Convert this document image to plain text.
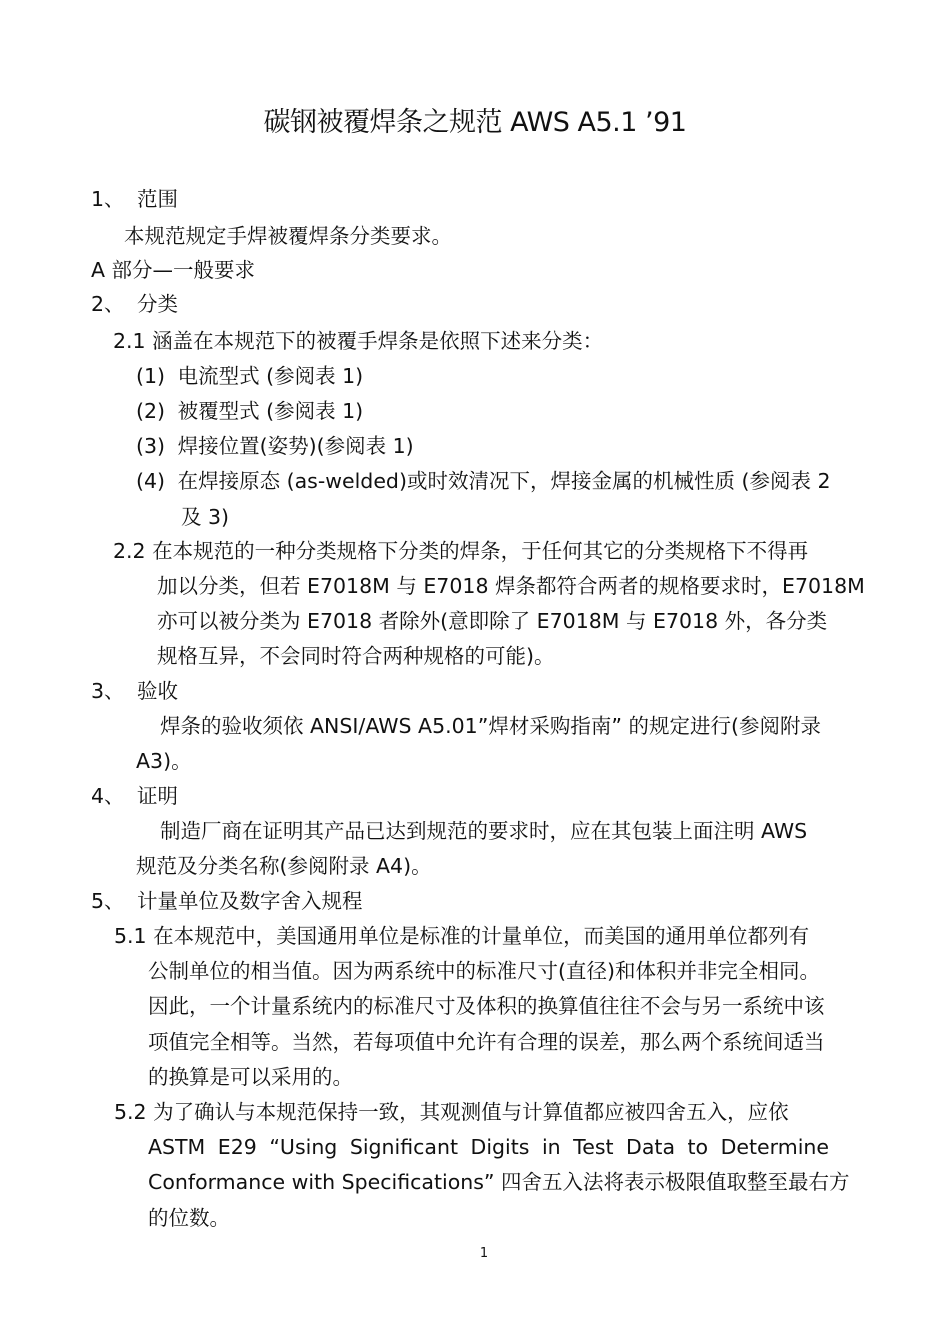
碳钢被覆焊条之规范 AWS A5.1 ’91
1、 范围
本规范规定手焊被覆焊条分类要求。
A 部分—一般要求
2、 分类
2.1 涵盖在本规范下的被覆手焊条是依照下述来分类：
(1) 电流型式 (参阅表 1)
(2) 被覆型式 (参阅表 1)
(3) 焊接位置(姿势)(参阅表 1)
(4) 在焊接原态 (as-welded)或时效清况下，焊接金属的机械性质 (参阅表 2
及 3)
2.2 在本规范的一种分类规格下分类的焊条，于任何其它的分类规格下不得再
加以分类，但若 E7018M 与 E7018 焊条都符合两者的规格要求时，E7018M
亦可以被分类为 E7018 者除外(意即除了 E7018M 与 E7018 外，各分类
规格互异，不会同时符合两种规格的可能)。
3、 验收
焊条的验收须依 ANSI/AWS A5.01”焊材采购指南” 的规定进行(参阅附录
A3)。
4、 证明
制造厂商在证明其产品已达到规范的要求时，应在其包装上面注明 AWS
规范及分类名称(参阅附录 A4)。
5、 计量单位及数字舍入规程
5.1 在本规范中，美国通用单位是标准的计量单位，而美国的通用单位都列有
公制单位的相当值。因为两系统中的标准尺寸(直径)和体积并非完全相同。
因此，一个计量系统内的标准尺寸及体积的换算值往往不会与另一系统中该
项值完全相等。当然，若每项值中允许有合理的误差，那么两个系统间适当
的换算是可以采用的。
5.2 为了确认与本规范保持一致，其观测值与计算值都应被四舍五入，应依
ASTM E29 “Using Significant Digits in Test Data to Determine
Conformance with Specifications” 四舍五入法将表示极限值取整至最右方
的位数。
1
